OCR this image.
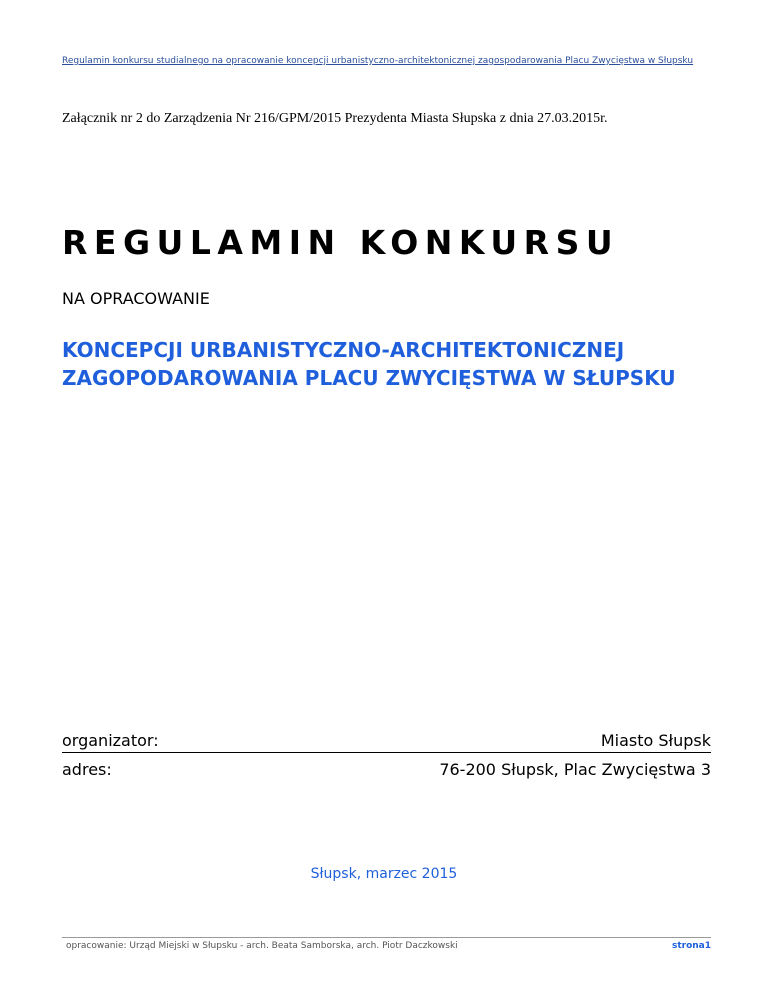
Regulamin konkursu studialnego na opracowanie koncepcji urbanistyczno-architektonicznej zagospodarowania Placu Zwycięstwa w Słupsku
Załącznik nr 2 do Zarządzenia Nr 216/GPM/2015 Prezydenta Miasta Słupska z dnia 27.03.2015r.
REGULAMIN KONKURSU
NA OPRACOWANIE
KONCEPCJI URBANISTYCZNO-ARCHITEKTONICZNEJ
ZAGOPODAROWANIA PLACU ZWYCIĘSTWA W SŁUPSKU
organizator:	Miasto Słupsk
adres:	76-200 Słupsk, Plac Zwycięstwa 3
Słupsk, marzec 2015
opracowanie: Urząd Miejski w Słupsku - arch. Beata Samborska, arch. Piotr Daczkowski	strona1
